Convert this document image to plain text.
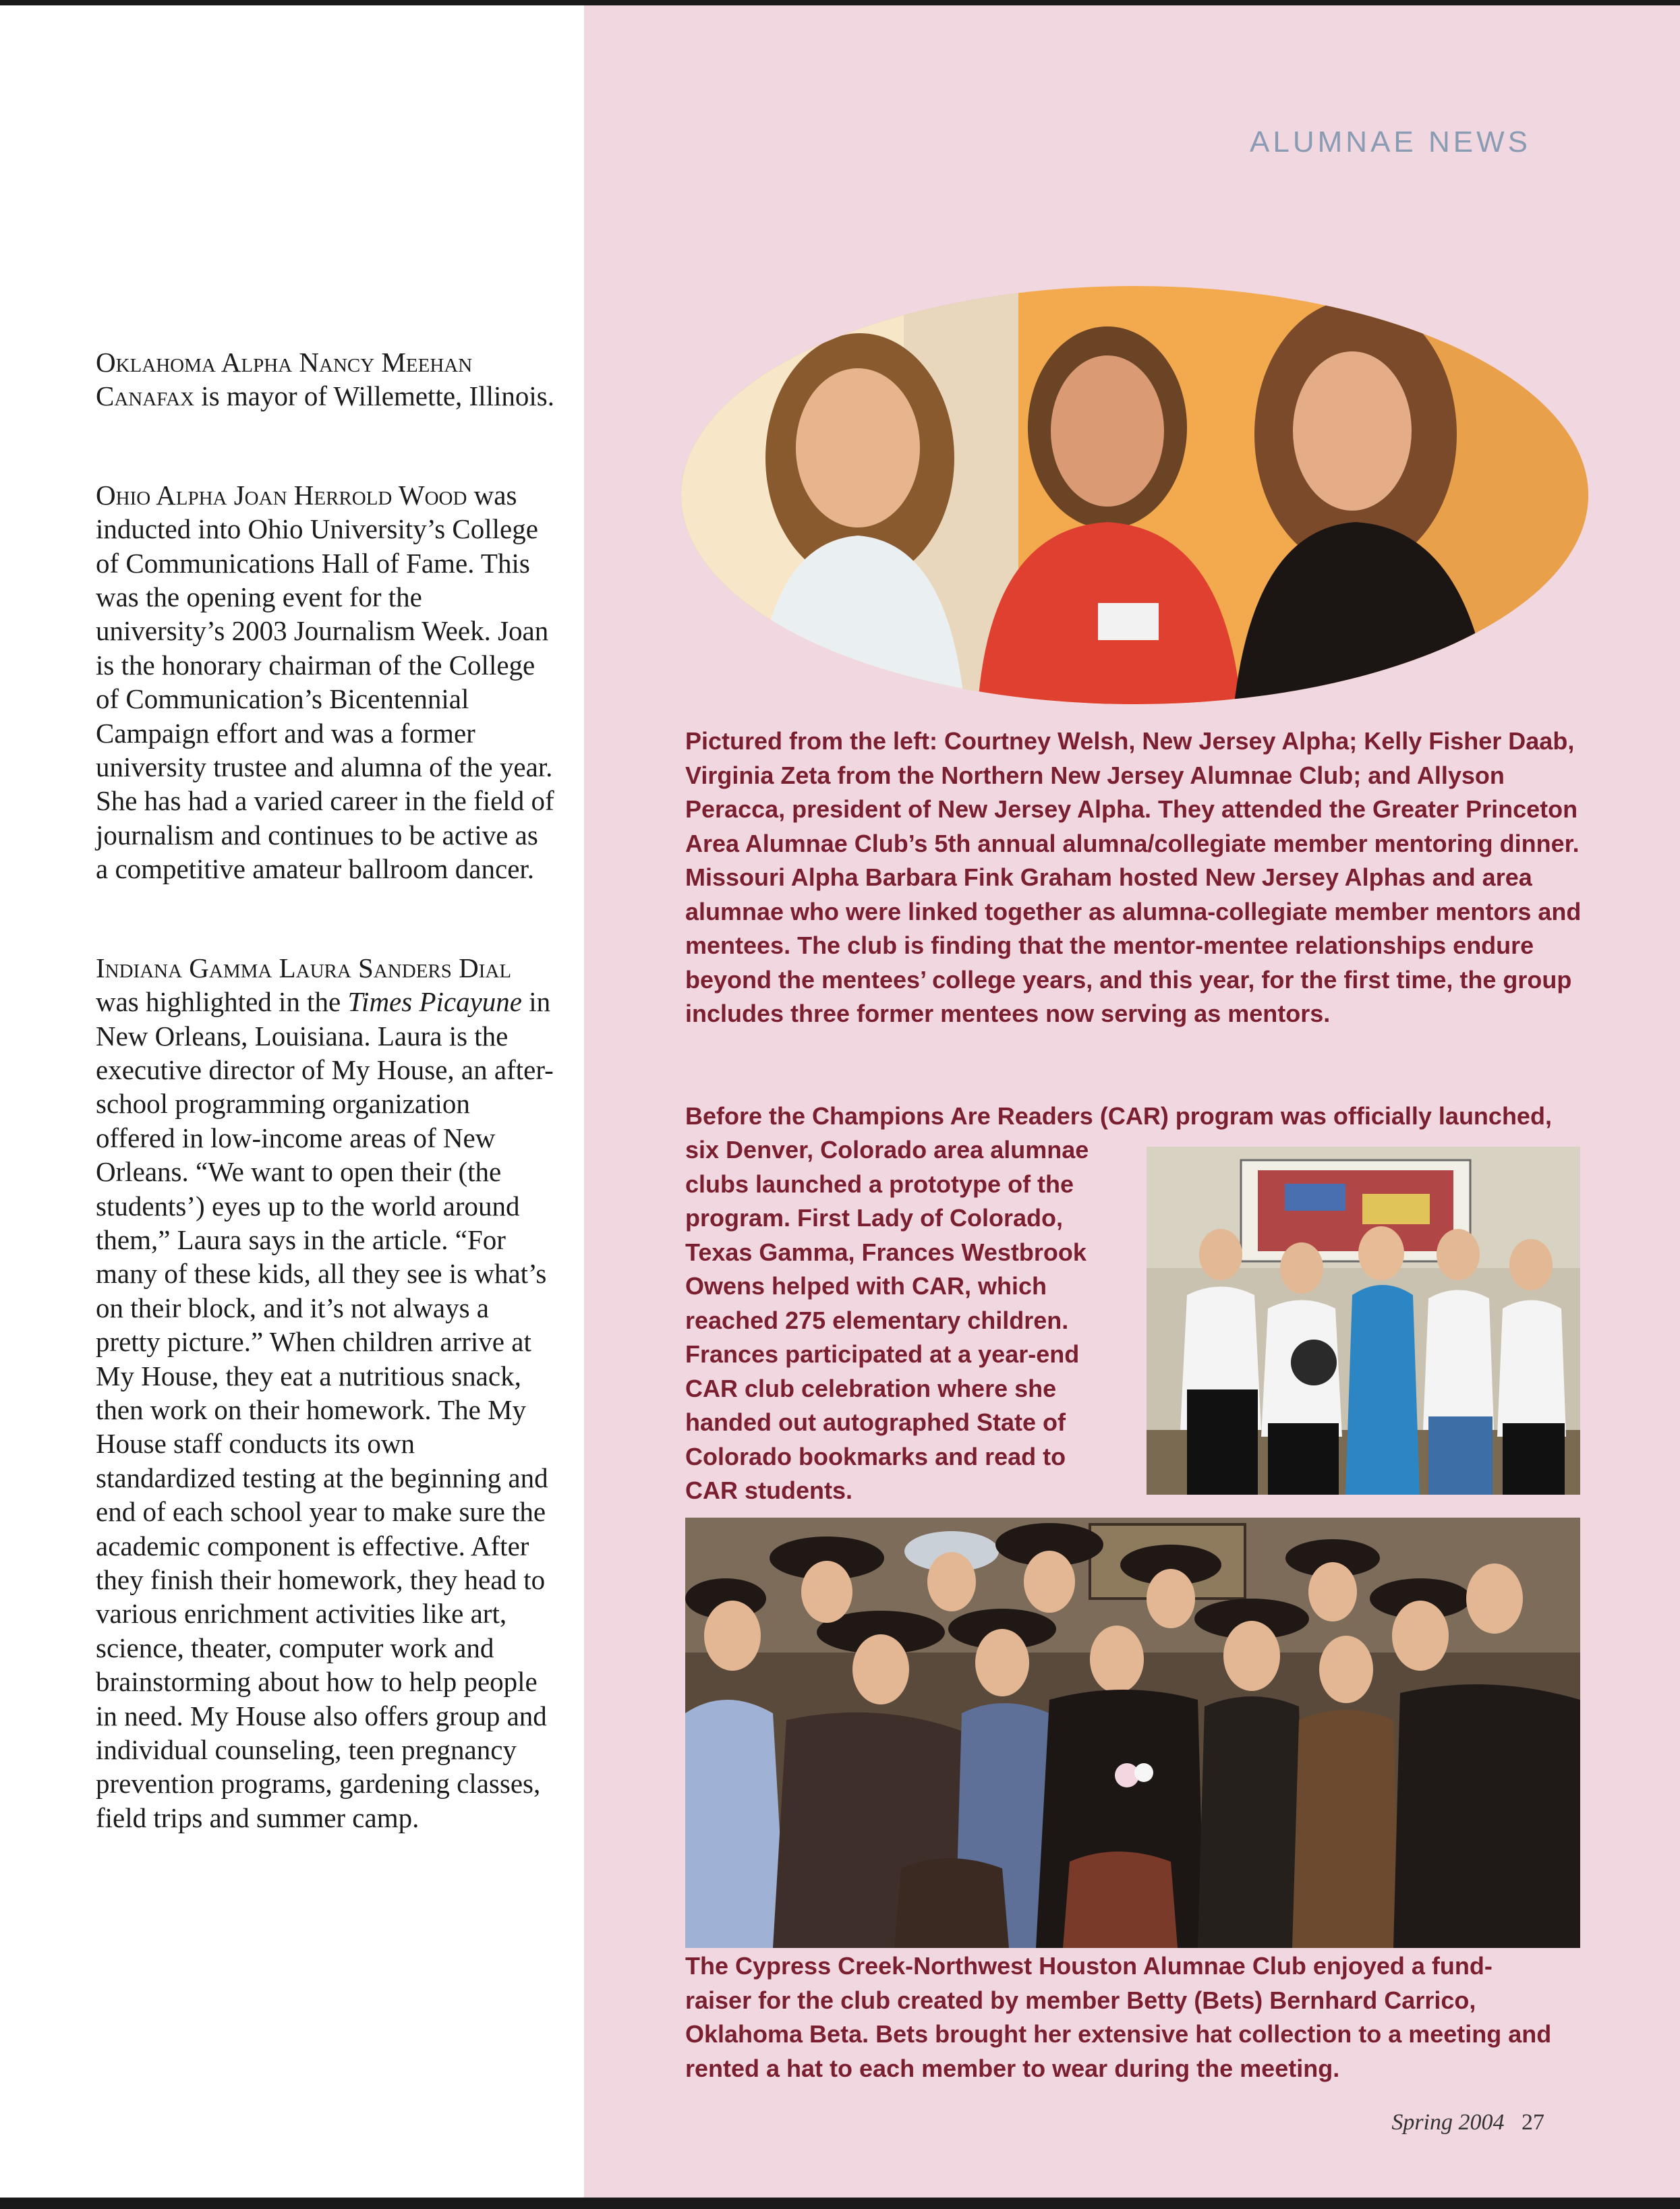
ALUMNAE NEWS

Oklahoma Alpha Nancy Meehan Canafax is mayor of Willemette, Illinois.

Ohio Alpha Joan Herrold Wood was inducted into Ohio University’s College of Communications Hall of Fame. This was the opening event for the university’s 2003 Journalism Week. Joan is the honorary chairman of the College of Communication’s Bicentennial Campaign effort and was a former university trustee and alumna of the year. She has had a varied career in the field of journalism and continues to be active as a competitive amateur ballroom dancer.

Indiana Gamma Laura Sanders Dial was highlighted in the Times Picayune in New Orleans, Louisiana. Laura is the executive director of My House, an after-school programming organization offered in low-income areas of New Orleans. “We want to open their (the students’) eyes up to the world around them,” Laura says in the article. “For many of these kids, all they see is what’s on their block, and it’s not always a pretty picture.” When children arrive at My House, they eat a nutritious snack, then work on their homework. The My House staff conducts its own standardized testing at the beginning and end of each school year to make sure the academic component is effective. After they finish their homework, they head to various enrichment activities like art, science, theater, computer work and brainstorming about how to help people in need. My House also offers group and individual counseling, teen pregnancy prevention programs, gardening classes, field trips and summer camp.

Pictured from the left: Courtney Welsh, New Jersey Alpha; Kelly Fisher Daab, Virginia Zeta from the Northern New Jersey Alumnae Club; and Allyson Peracca, president of New Jersey Alpha. They attended the Greater Princeton Area Alumnae Club’s 5th annual alumna/collegiate member mentoring dinner. Missouri Alpha Barbara Fink Graham hosted New Jersey Alphas and area alumnae who were linked together as alumna-collegiate member mentors and mentees. The club is finding that the mentor-mentee relationships endure beyond the mentees’ college years, and this year, for the first time, the group includes three former mentees now serving as mentors.
Before the Champions Are Readers (CAR) program was officially launched,
six Denver, Colorado area alumnae clubs launched a prototype of the program. First Lady of Colorado, Texas Gamma, Frances Westbrook Owens helped with CAR, which reached 275 elementary children. Frances participated at a year-end CAR club celebration where she handed out autographed State of Colorado bookmarks and read to CAR students.
The Cypress Creek-Northwest Houston Alumnae Club enjoyed a fund-raiser for the club created by member Betty (Bets) Bernhard Carrico, Oklahoma Beta. Bets brought her extensive hat collection to a meeting and rented a hat to each member to wear during the meeting.
Spring 2004 27
